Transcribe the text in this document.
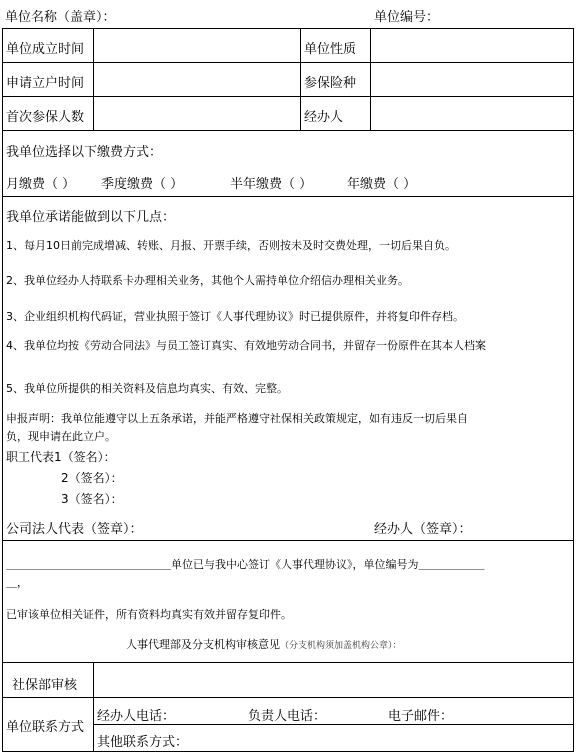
单位名称（盖章）：	单位编号：
单位成立时间	单位性质
申请立户时间	参保险种
首次参保人数	经办人
我单位选择以下缴费方式：
月缴费（ ） 季度缴费（ ）	半年缴费（ ）	年缴费（ ）
我单位承诺能做到以下几点：
1、每月10日前完成增减、转账、月报、开票手续，否则按未及时交费处理，一切后果自负。
2、我单位经办人持联系卡办理相关业务，其他个人需持单位介绍信办理相关业务。
3、企业组织机构代码证，营业执照于签订《人事代理协议》时已提供原件，并将复印件存档。
4、我单位均按《劳动合同法》与员工签订真实、有效地劳动合同书，并留存一份原件在其本人档案
5、我单位所提供的相关资料及信息均真实、有效、完整。
申报声明：我单位能遵守以上五条承诺，并能严格遵守社保相关政策规定，如有违反一切后果自
负，现申请在此立户。
职工代表1（签名）：
2（签名）：
3（签名）：
公司法人代表（签章）：	经办人（签章）：
＿＿＿＿＿＿＿＿＿＿＿＿＿＿＿单位已与我中心签订《人事代理协议》，单位编号为＿＿＿＿＿＿
＿，
已审该单位相关证件，所有资料均真实有效并留存复印件。
人事代理部及分支机构审核意见（分支机构须加盖机构公章）：
社保部审核
单位联系方式
经办人电话：	负责人电话：	电子邮件：
其他联系方式：
